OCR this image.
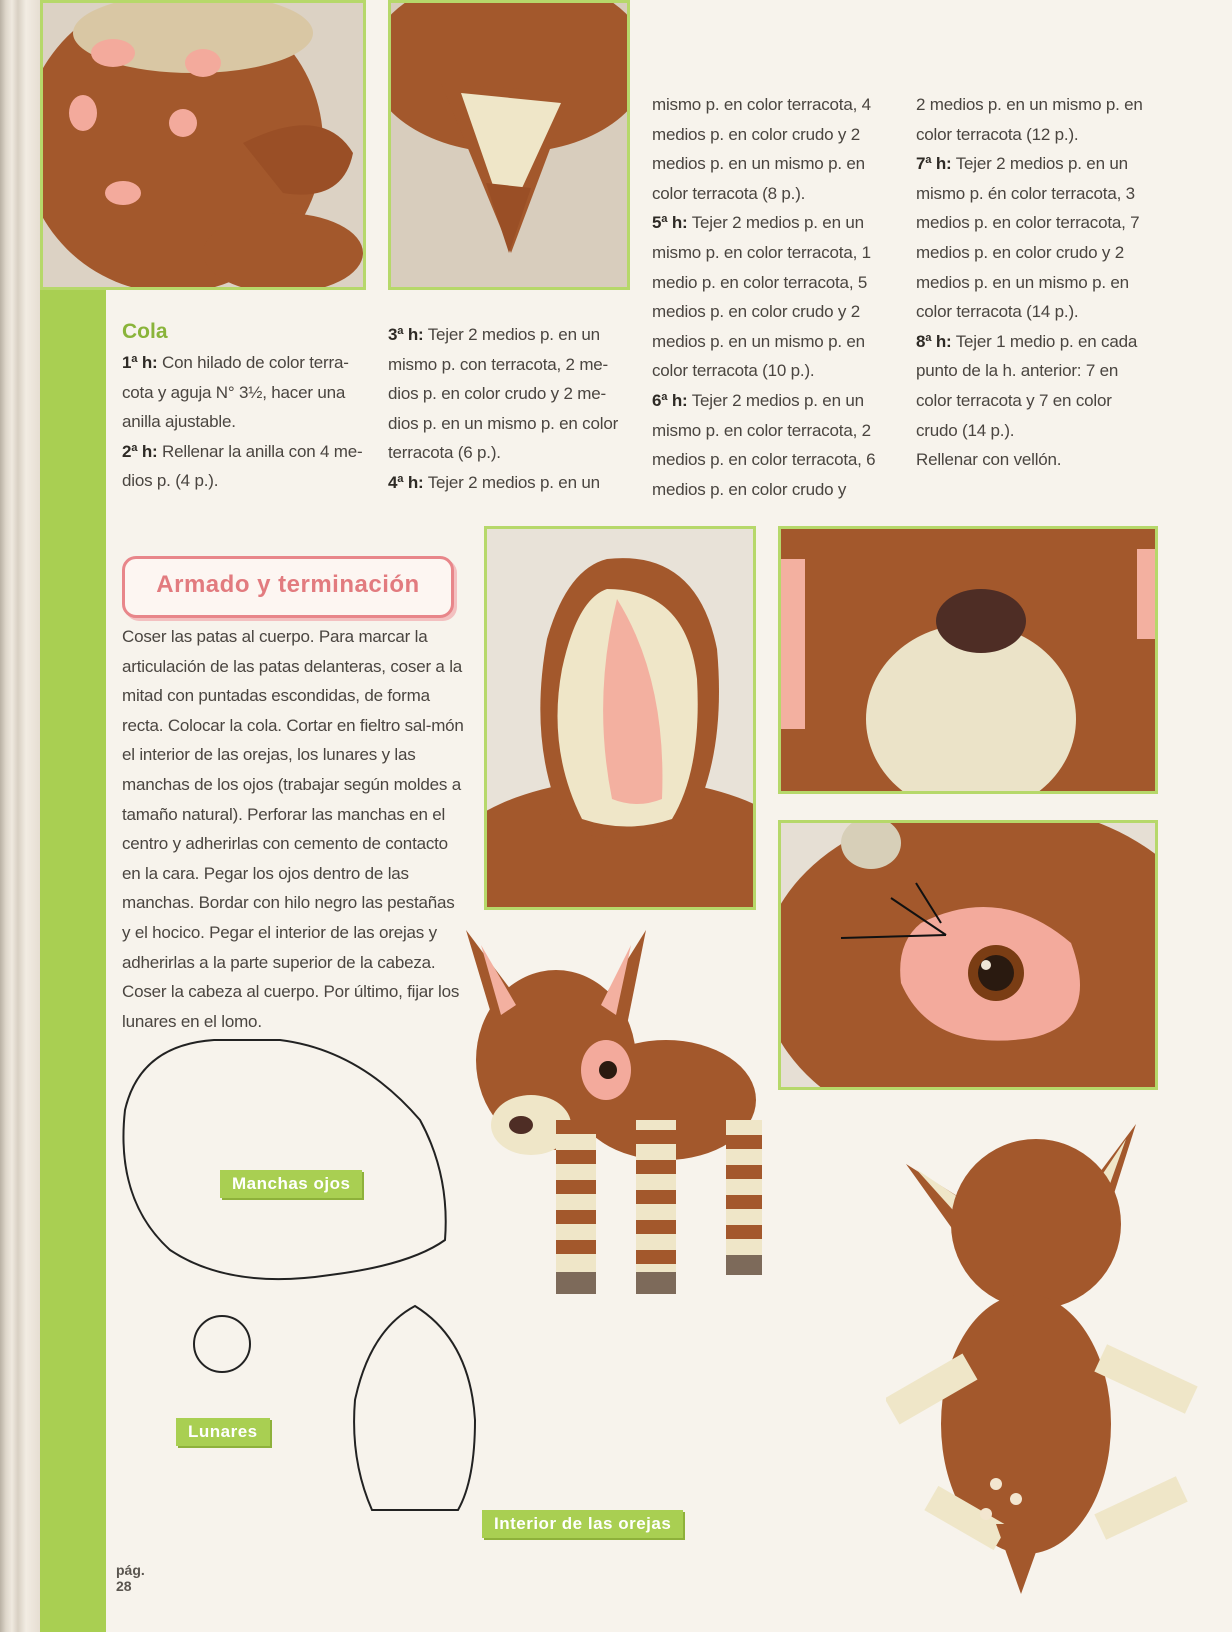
Cola

1ª h: Con hilado de color terra-cota y aguja N° 3½, hacer una anilla ajustable.

2ª h: Rellenar la anilla con 4 me-dios p. (4 p.).

3ª h: Tejer 2 medios p. en un mismo p. con terracota, 2 me-dios p. en color crudo y 2 me-dios p. en un mismo p. en color terracota (6 p.).

4ª h: Tejer 2 medios p. en un

mismo p. en color terracota, 4 medios p. en color crudo y 2 medios p. en un mismo p. en color terracota (8 p.).

5ª h: Tejer 2 medios p. en un mismo p. en color terracota, 1 medio p. en color terracota, 5 medios p. en color crudo y 2 medios p. en un mismo p. en color terracota (10 p.).

6ª h: Tejer 2 medios p. en un mismo p. en color terracota, 2 medios p. en color terracota, 6 medios p. en color crudo y

2 medios p. en un mismo p. en color terracota (12 p.).

7ª h: Tejer 2 medios p. en un mismo p. én color terracota, 3 medios p. en color terracota, 7 medios p. en color crudo y 2 medios p. en un mismo p. en color terracota (14 p.).

8ª h: Tejer 1 medio p. en cada punto de la h. anterior: 7 en color terracota y 7 en color crudo (14 p.).

Rellenar con vellón.

Armado y terminación
Coser las patas al cuerpo. Para marcar la articulación de las patas delanteras, coser a la mitad con puntadas escondidas, de forma recta. Colocar la cola. Cortar en fieltro sal-món el interior de las orejas, los lunares y las manchas de los ojos (trabajar según moldes a tamaño natural). Perforar las manchas en el centro y adherirlas con cemento de contacto en la cara. Pegar los ojos dentro de las manchas. Bordar con hilo negro las pestañas y el hocico. Pegar el interior de las orejas y adherirlas a la parte superior de la cabeza. Coser la cabeza al cuerpo. Por último, fijar los lunares en el lomo.
Manchas ojos
Lunares
Interior de las orejas
pág.
28
